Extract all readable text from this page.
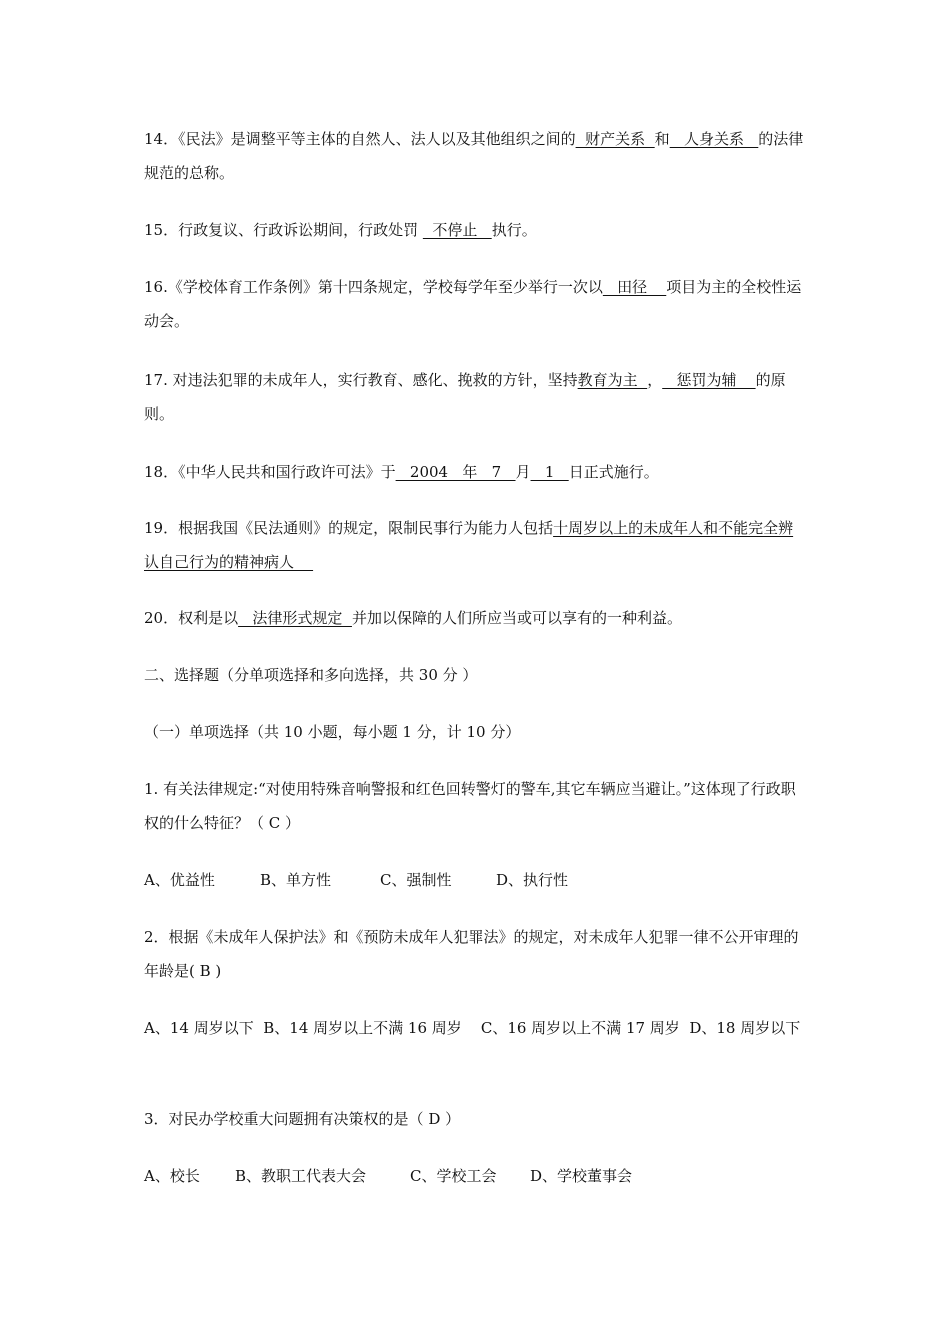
14．《民法》是调整平等主体的自然人、法人以及其他组织之间的  财产关系  和   人身关系   的法律规范的总称。

15．行政复议、行政诉讼期间，行政处罚   不停止   执行。

16.《学校体育工作条例》第十四条规定，学校每学年至少举行一次以   田径    项目为主的全校性运动会。

17. 对违法犯罪的未成年人，实行教育、感化、挽救的方针，坚持教育为主  ，   惩罚为辅    的原则。

18．《中华人民共和国行政许可法》于   2004   年   7   月   1   日正式施行。

19．根据我国《民法通则》的规定，限制民事行为能力人包括十周岁以上的未成年人和不能完全辨认自己行为的精神病人

20．权利是以   法律形式规定  并加以保障的人们所应当或可以享有的一种利益。

二、选择题（分单项选择和多向选择，共 30 分 ）

（一）单项选择（共 10 小题，每小题 1 分，计 10 分）

1. 有关法律规定:“对使用特殊音响警报和红色回转警灯的警车,其它车辆应当避让。”这体现了行政职权的什么特征？（ C ）

A、优益性	B、单方性	C、强制性	D、执行性

2．根据《未成年人保护法》和《预防未成年人犯罪法》的规定，对未成年人犯罪一律不公开审理的年龄是( B )

A、14 周岁以下 B、14 周岁以上不满 16 周岁 C、16 周岁以上不满 17 周岁 D、18 周岁以下

3．对民办学校重大问题拥有决策权的是（ D ）

A、校长 B、教职工代表大会	C、学校工会 D、学校董事会
